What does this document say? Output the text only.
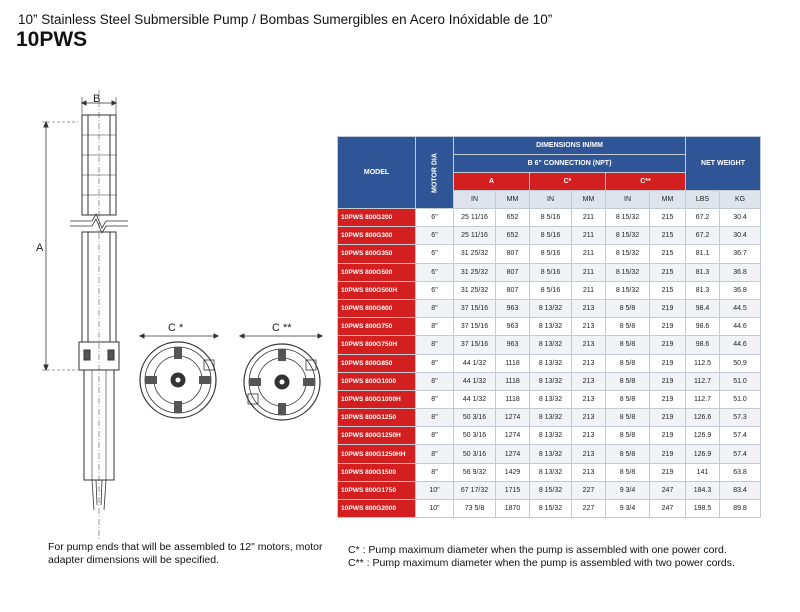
10” Stainless Steel Submersible Pump / Bombas Sumergibles en Acero Inóxidable de 10”
10PWS
B
A
C *	C **
MODEL	MOTOR DIA	DIMENSIONS IN/MM						NET WEIGHT	
		B 6" CONNECTION (NPT)							
		A		C*		C**			
		IN	MM	IN	MM	IN	MM	LBS	KG
10PWS 800G200	6"	25 11/16	652	8 5/16	211	8 15/32	215	67.2	30.4
10PWS 800G300	6"	25 11/16	652	8 5/16	211	8 15/32	215	67.2	30.4
10PWS 800G350	6"	31 25/32	807	8 5/16	211	8 15/32	215	81.1	36.7
10PWS 800G500	6"	31 25/32	807	8 5/16	211	8 15/32	215	81.3	36.8
10PWS 800G500H	6"	31 25/32	807	8 5/16	211	8 15/32	215	81.3	36.8
10PWS 800G600	8"	37 15/16	963	8 13/32	213	8 5/8	219	98.4	44.5
10PWS 800G750	8"	37 15/16	963	8 13/32	213	8 5/8	219	98.6	44.6
10PWS 800G750H	8"	37 15/16	963	8 13/32	213	8 5/8	219	98.6	44.6
10PWS 800G850	8"	44 1/32	1118	8 13/32	213	8 5/8	219	112.5	50.9
10PWS 800G1000	8"	44 1/32	1118	8 13/32	213	8 5/8	219	112.7	51.0
10PWS 800G1000H	8"	44 1/32	1118	8 13/32	213	8 5/8	219	112.7	51.0
10PWS 800G1250	8"	50 3/16	1274	8 13/32	213	8 5/8	219	126.6	57.3
10PWS 800G1250H	8"	50 3/16	1274	8 13/32	213	8 5/8	219	126.9	57.4
10PWS 800G1250HH	8"	50 3/16	1274	8 13/32	213	8 5/8	219	126.9	57.4
10PWS 800G1500	8"	56 9/32	1429	8 13/32	213	8 5/8	219	141	63.8
10PWS 800G1750	10"	67 17/32	1715	8 15/32	227	9 3/4	247	184.3	83.4
10PWS 800G2000	10"	73 5/8	1870	8 15/32	227	9 3/4	247	198.5	89.8
For pump ends that will be assembled to 12" motors, motor adapter dimensions will be specified.
C* : Pump maximum diameter when the pump is assembled with one power cord.
C** : Pump maximum diameter when the pump is assembled with two power cords.
